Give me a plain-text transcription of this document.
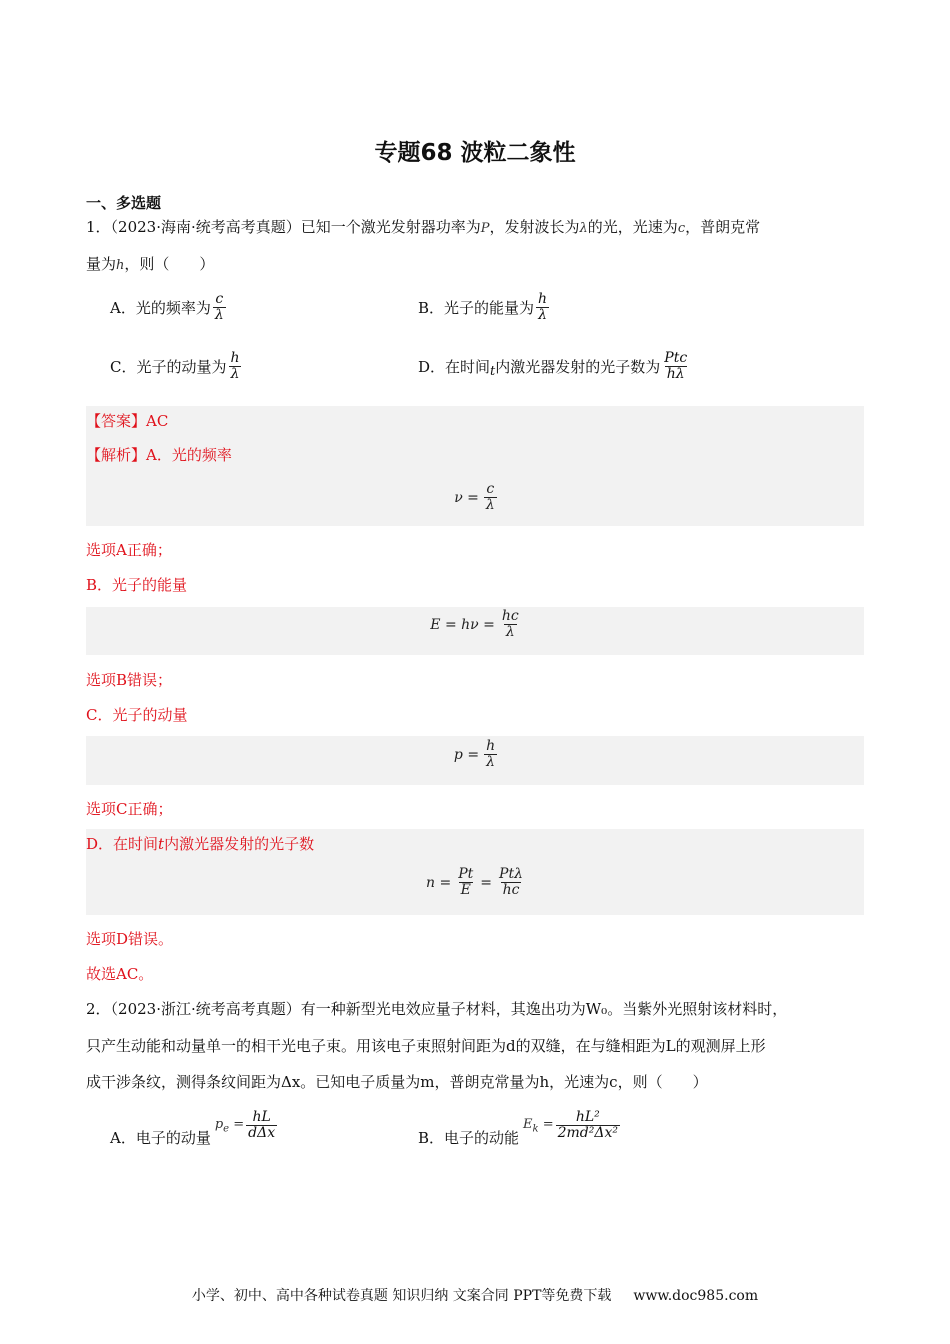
专题68 波粒二象性
一、多选题
1．（2023·海南·统考高考真题）已知一个激光发射器功率为P，发射波长为λ的光，光速为c，普朗克常
量为h，则（　　）
A．光的频率为 $\frac{c}{\lambda}$	B．光子的能量为 $\frac{h}{\lambda}$
C．光子的动量为 $\frac{h}{\lambda}$	D．在时间 t 内激光器发射的光子数为 $\frac{\text{Ptc}}{h\lambda}$
【答案】AC
【解析】A．光的频率
$\nu = \frac{c}{\lambda}$
选项A正确；
B．光子的能量
$E = h\nu = \frac{hc}{\lambda}$
选项B错误；
C．光子的动量
$p = \frac{h}{\lambda}$
选项C正确；
D．在时间t内激光器发射的光子数
$n = \frac{Pt}{E} = \frac{\text{Ptλ}}{hc}$
选项D错误。
故选AC。
2．（2023·浙江·统考高考真题）有一种新型光电效应量子材料，其逸出功为W₀。当紫外光照射该材料时，
只产生动能和动量单一的相干光电子束。用该电子束照射间距为d的双缝，在与缝相距为L的观测屏上形
成干涉条纹，测得条纹间距为Δx。已知电子质量为m，普朗克常量为h，光速为c，则（　　）
A．电子的动量
$p_e = \frac{hL}{\text{dΔx}}$	B．电子的动能
$E_k = \frac{\text{hL²}}{\text{2md²Δx²}}$
小学、初中、高中各种试卷真题 知识归纳 文案合同 PPT等免费下载 www.doc985.com
